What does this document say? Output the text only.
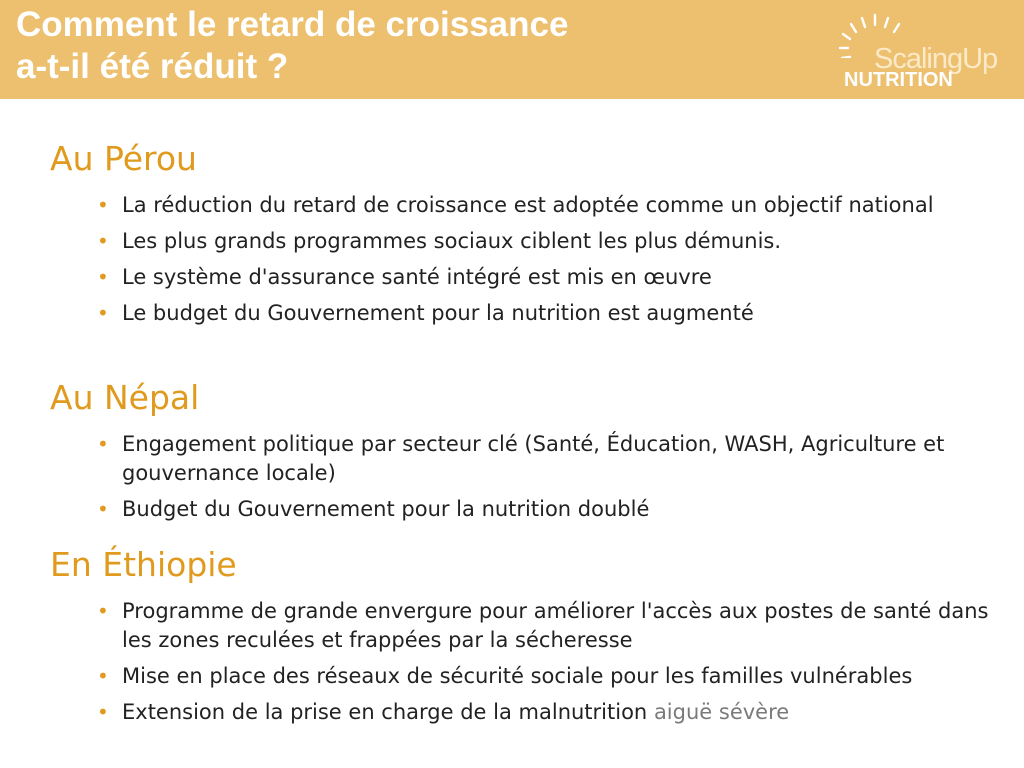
Comment le retard de croissance
a-t-il été réduit ?	ScalingUp
NUTRITION
Au Pérou
• La réduction du retard de croissance est adoptée comme un objectif national
• Les plus grands programmes sociaux ciblent les plus démunis.
• Le système d'assurance santé intégré est mis en œuvre
• Le budget du Gouvernement pour la nutrition est augmenté
Au Népal
• Engagement politique par secteur clé (Santé, Éducation, WASH, Agriculture et gouvernance locale)
• Budget du Gouvernement pour la nutrition doublé
En Éthiopie
• Programme de grande envergure pour améliorer l'accès aux postes de santé dans les zones reculées et frappées par la sécheresse
• Mise en place des réseaux de sécurité sociale pour les familles vulnérables
• Extension de la prise en charge de la malnutrition aiguë sévère
